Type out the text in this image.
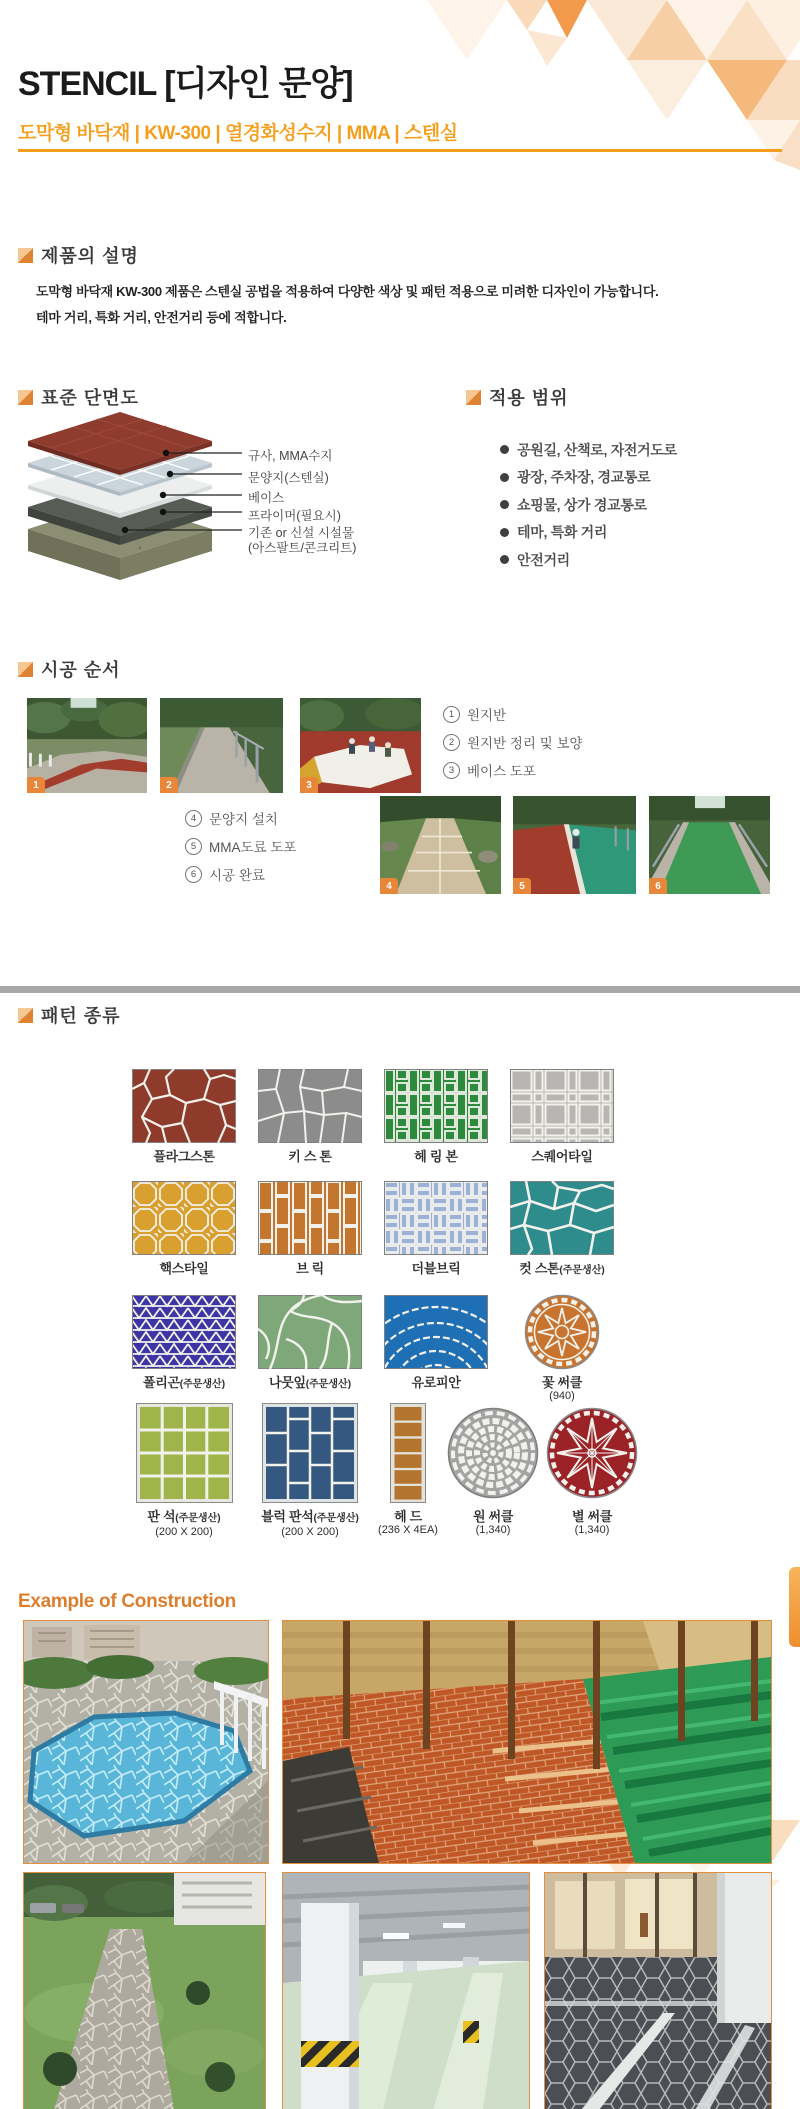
STENCIL [디자인 문양]
도막형 바닥재 | KW-300 | 열경화성수지 | MMA | 스텐실
제품의 설명
도막형 바닥재 KW-300 제품은 스텐실 공법을 적용하여 다양한 색상 및 패턴 적용으로 미려한 디자인이 가능합니다.
테마 거리, 특화 거리, 안전거리 등에 적합니다.
표준 단면도
규사, MMA수지
문양지(스텐실)
베이스
프라이머(필요시)
기존 or 신설 시설물
(아스팔트/콘크리트)
적용 범위
공원길, 산책로, 자전거도로
광장, 주차장, 경교통로
쇼핑물, 상가 경교통로
테마, 특화 거리
안전거리
시공 순서
1	2	3
1 원지반
2 원지반 정리 및 보양
3 베이스 도포
4 문양지 설치
5 MMA도료 도포
6 시공 완료
4	5	6
패턴 종류
플라그스톤	키 스 톤	헤 링 본	스퀘어타일
핵스타일	브 릭	더블브릭	컷 스톤(주문생산)
폴리곤(주문생산)	나뭇잎(주문생산)	유로피안	꽃 써클
(940)
판 석(주문생산)
(200 X 200)
블럭 판석(주문생산)
(200 X 200)
헤 드
(236 X 4EA)
원 써클
(1,340)
별 써클
(1,340)
Example of Construction
